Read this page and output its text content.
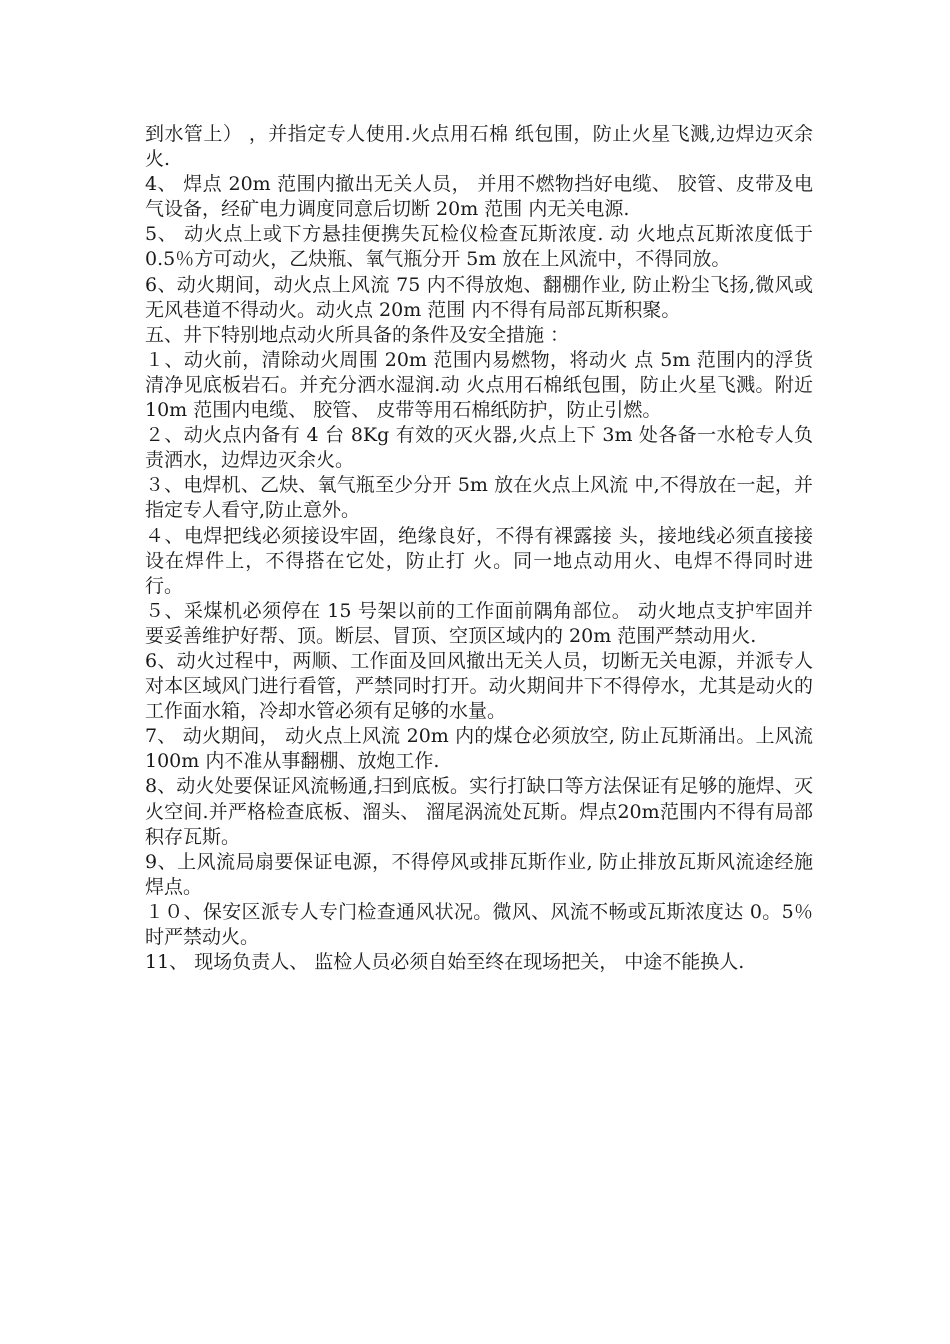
到水管上） ，并指定专人使用.火点用石棉 纸包围，防止火星飞溅,边焊边灭余火.

4、 焊点 20m 范围内撤出无关人员， 并用不燃物挡好电缆、 胶管、皮带及电气设备，经矿电力调度同意后切断 20m 范围 内无关电源.

5、 动火点上或下方悬挂便携失瓦检仪检查瓦斯浓度. 动 火地点瓦斯浓度低于 0.5％方可动火，乙炔瓶、氧气瓶分开 5m 放在上风流中，不得同放。

6、动火期间，动火点上风流 75 内不得放炮、翻棚作业, 防止粉尘飞扬,微风或无风巷道不得动火。动火点 20m 范围 内不得有局部瓦斯积聚。

五、井下特别地点动火所具备的条件及安全措施 ：

１、动火前，清除动火周围 20m 范围内易燃物，将动火 点 5m 范围内的浮货清净见底板岩石。并充分洒水湿润.动 火点用石棉纸包围，防止火星飞溅。附近 10m 范围内电缆、 胶管、 皮带等用石棉纸防护，防止引燃。

２、动火点内备有 4 台 8Kg 有效的灭火器,火点上下 3m 处各备一水枪专人负责洒水，边焊边灭余火。

３、电焊机、乙炔、氧气瓶至少分开 5m 放在火点上风流 中,不得放在一起，并指定专人看守,防止意外。

４、电焊把线必须接设牢固，绝缘良好，不得有裸露接 头，接地线必须直接接设在焊件上，不得搭在它处，防止打 火。同一地点动用火、电焊不得同时进行。

５、采煤机必须停在 15 号架以前的工作面前隅角部位。 动火地点支护牢固并要妥善维护好帮、顶。断层、冒顶、空顶区域内的 20m 范围严禁动用火.

6、动火过程中，两顺、工作面及回风撤出无关人员，切断无关电源，并派专人对本区域风门进行看管，严禁同时打开。动火期间井下不得停水，尤其是动火的工作面水箱，冷却水管必须有足够的水量。

7、 动火期间， 动火点上风流 20m 内的煤仓必须放空, 防止瓦斯涌出。上风流 100m 内不准从事翻棚、放炮工作.

8、动火处要保证风流畅通,扫到底板。实行打缺口等方法保证有足够的施焊、灭火空间.并严格检查底板、溜头、 溜尾涡流处瓦斯。焊点20m范围内不得有局部积存瓦斯。

9、上风流局扇要保证电源，不得停风或排瓦斯作业, 防止排放瓦斯风流途经施焊点。

１０、保安区派专人专门检查通风状况。微风、风流不畅或瓦斯浓度达 0。5％时严禁动火。

11、 现场负责人、 监检人员必须自始至终在现场把关， 中途不能换人.
